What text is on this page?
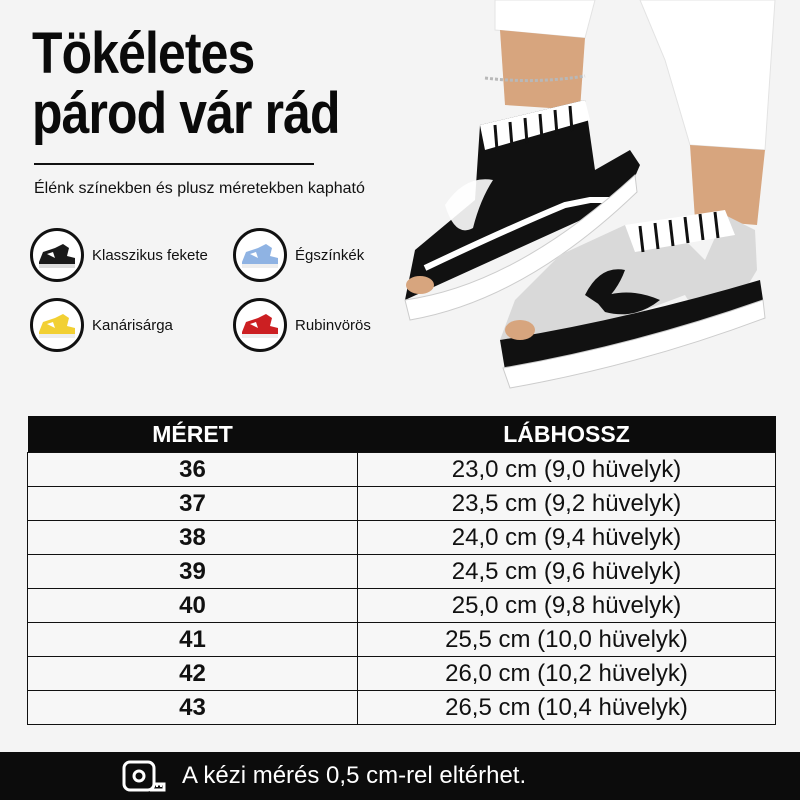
Tökéletes
párod vár rád
Élénk színekben és plusz méretekben kapható
Klasszikus fekete	Égszínkék
Kanárisárga	Rubinvörös
MÉRET	LÁBHOSSZ
36	23,0 cm (9,0 hüvelyk)
37	23,5 cm (9,2 hüvelyk)
38	24,0 cm (9,4 hüvelyk)
39	24,5 cm (9,6 hüvelyk)
40	25,0 cm (9,8 hüvelyk)
41	25,5 cm (10,0 hüvelyk)
42	26,0 cm (10,2 hüvelyk)
43	26,5 cm (10,4 hüvelyk)
A kézi mérés 0,5 cm-rel eltérhet.
